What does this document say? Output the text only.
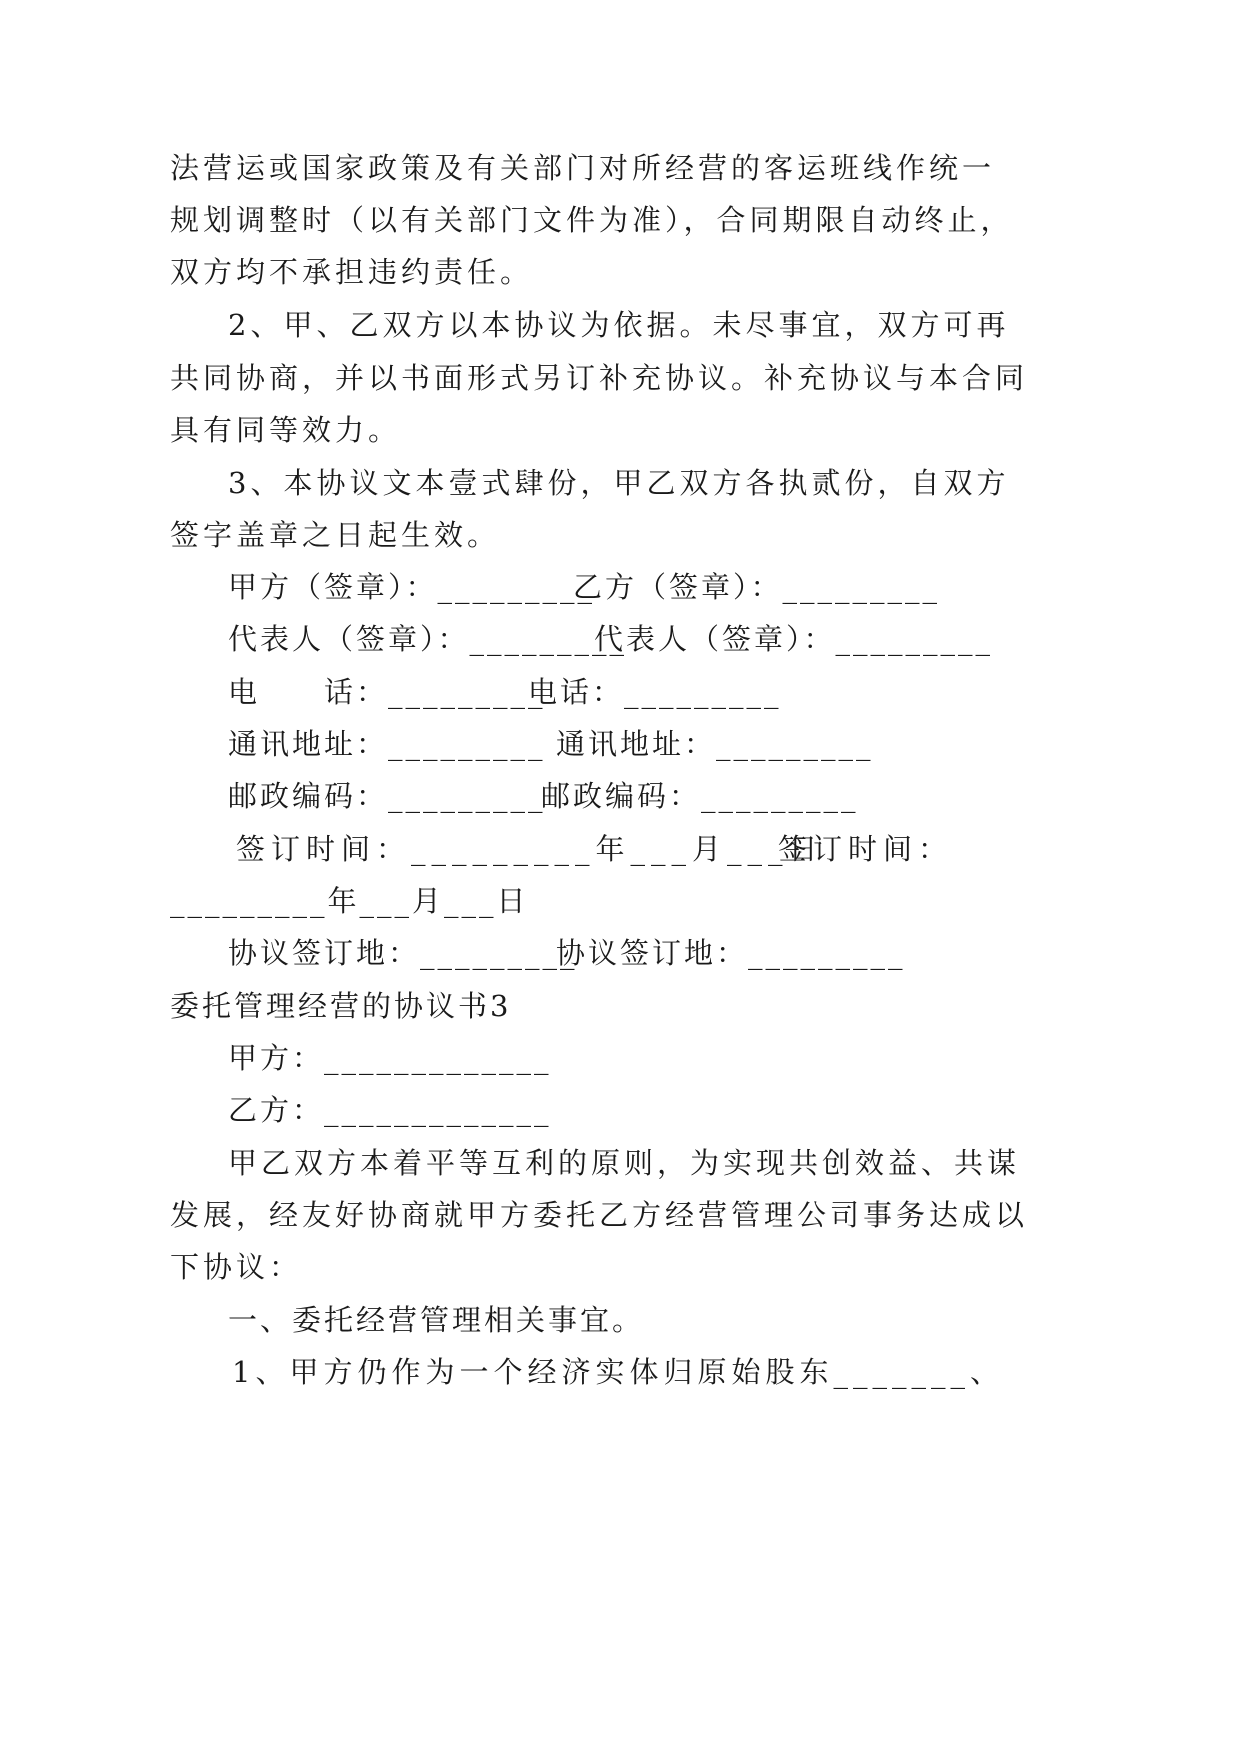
法营运或国家政策及有关部门对所经营的客运班线作统一
规划调整时（以有关部门文件为准），合同期限自动终止，
双方均不承担违约责任。
2、甲、乙双方以本协议为依据。未尽事宜，双方可再
共同协商，并以书面形式另订补充协议。补充协议与本合同
具有同等效力。
3、本协议文本壹式肆份，甲乙双方各执贰份，自双方
签字盖章之日起生效。
甲方（签章）：_________
乙方（签章）：_________
代表人（签章）：_________
代表人（签章）：_________
电　　话：_________
电话：_________
通讯地址：_________ 通讯地址：_________
邮政编码：_________
邮政编码：_________
签订时间：_________年___月___日
签订时间：
_________年___月___日
协议签订地：_________
协议签订地：_________
委托管理经营的协议书3
甲方：_____________
乙方：_____________
甲乙双方本着平等互利的原则，为实现共创效益、共谋
发展，经友好协商就甲方委托乙方经营管理公司事务达成以
下协议：
一、委托经营管理相关事宜。
1、甲方仍作为一个经济实体归原始股东_______、
